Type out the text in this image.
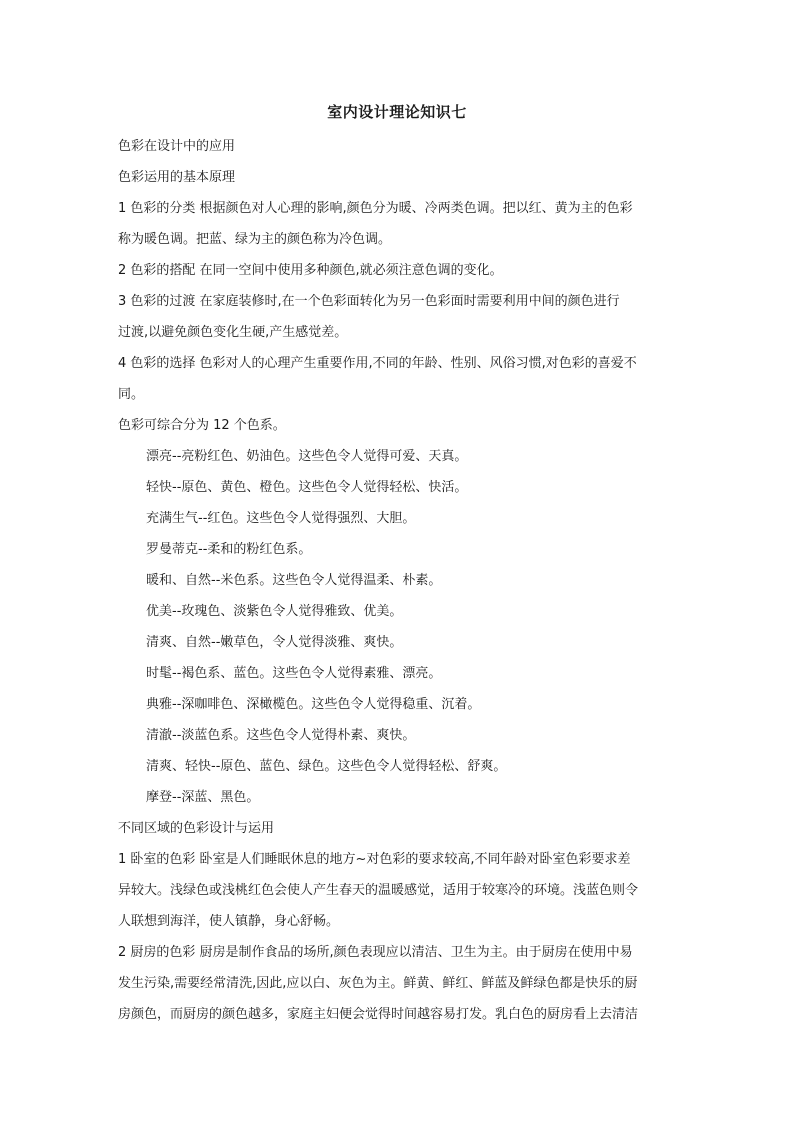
室内设计理论知识七

色彩在设计中的应用

色彩运用的基本原理

1 色彩的分类 根据颜色对人心理的影响,颜色分为暖、冷两类色调。把以红、黄为主的色彩

称为暖色调。把蓝、绿为主的颜色称为冷色调。

2 色彩的搭配 在同一空间中使用多种颜色,就必须注意色调的变化。

3 色彩的过渡 在家庭装修时,在一个色彩面转化为另一色彩面时需要利用中间的颜色进行

过渡,以避免颜色变化生硬,产生感觉差。

4 色彩的选择 色彩对人的心理产生重要作用,不同的年龄、性别、风俗习惯,对色彩的喜爱不

同。

色彩可综合分为 12 个色系。

漂亮--亮粉红色、奶油色。这些色令人觉得可爱、天真。

轻快--原色、黄色、橙色。这些色令人觉得轻松、快活。

充满生气--红色。这些色令人觉得强烈、大胆。

罗曼蒂克--柔和的粉红色系。

暖和、自然--米色系。这些色令人觉得温柔、朴素。

优美--玫瑰色、淡紫色令人觉得雅致、优美。

清爽、自然--嫩草色，令人觉得淡雅、爽快。

时髦--褐色系、蓝色。这些色令人觉得素雅、漂亮。

典雅--深咖啡色、深橄榄色。这些色令人觉得稳重、沉着。

清澈--淡蓝色系。这些色令人觉得朴素、爽快。

清爽、轻快--原色、蓝色、绿色。这些色令人觉得轻松、舒爽。

摩登--深蓝、黑色。

不同区域的色彩设计与运用

1 卧室的色彩 卧室是人们睡眠休息的地方~对色彩的要求较高,不同年龄对卧室色彩要求差

异较大。浅绿色或浅桃红色会使人产生春天的温暖感觉，适用于较寒冷的环境。浅蓝色则令

人联想到海洋，使人镇静，身心舒畅。

2 厨房的色彩 厨房是制作食品的场所,颜色表现应以清洁、卫生为主。由于厨房在使用中易

发生污染,需要经常清洗,因此,应以白、灰色为主。鲜黄、鲜红、鲜蓝及鲜绿色都是快乐的厨

房颜色，而厨房的颜色越多，家庭主妇便会觉得时间越容易打发。乳白色的厨房看上去清洁
